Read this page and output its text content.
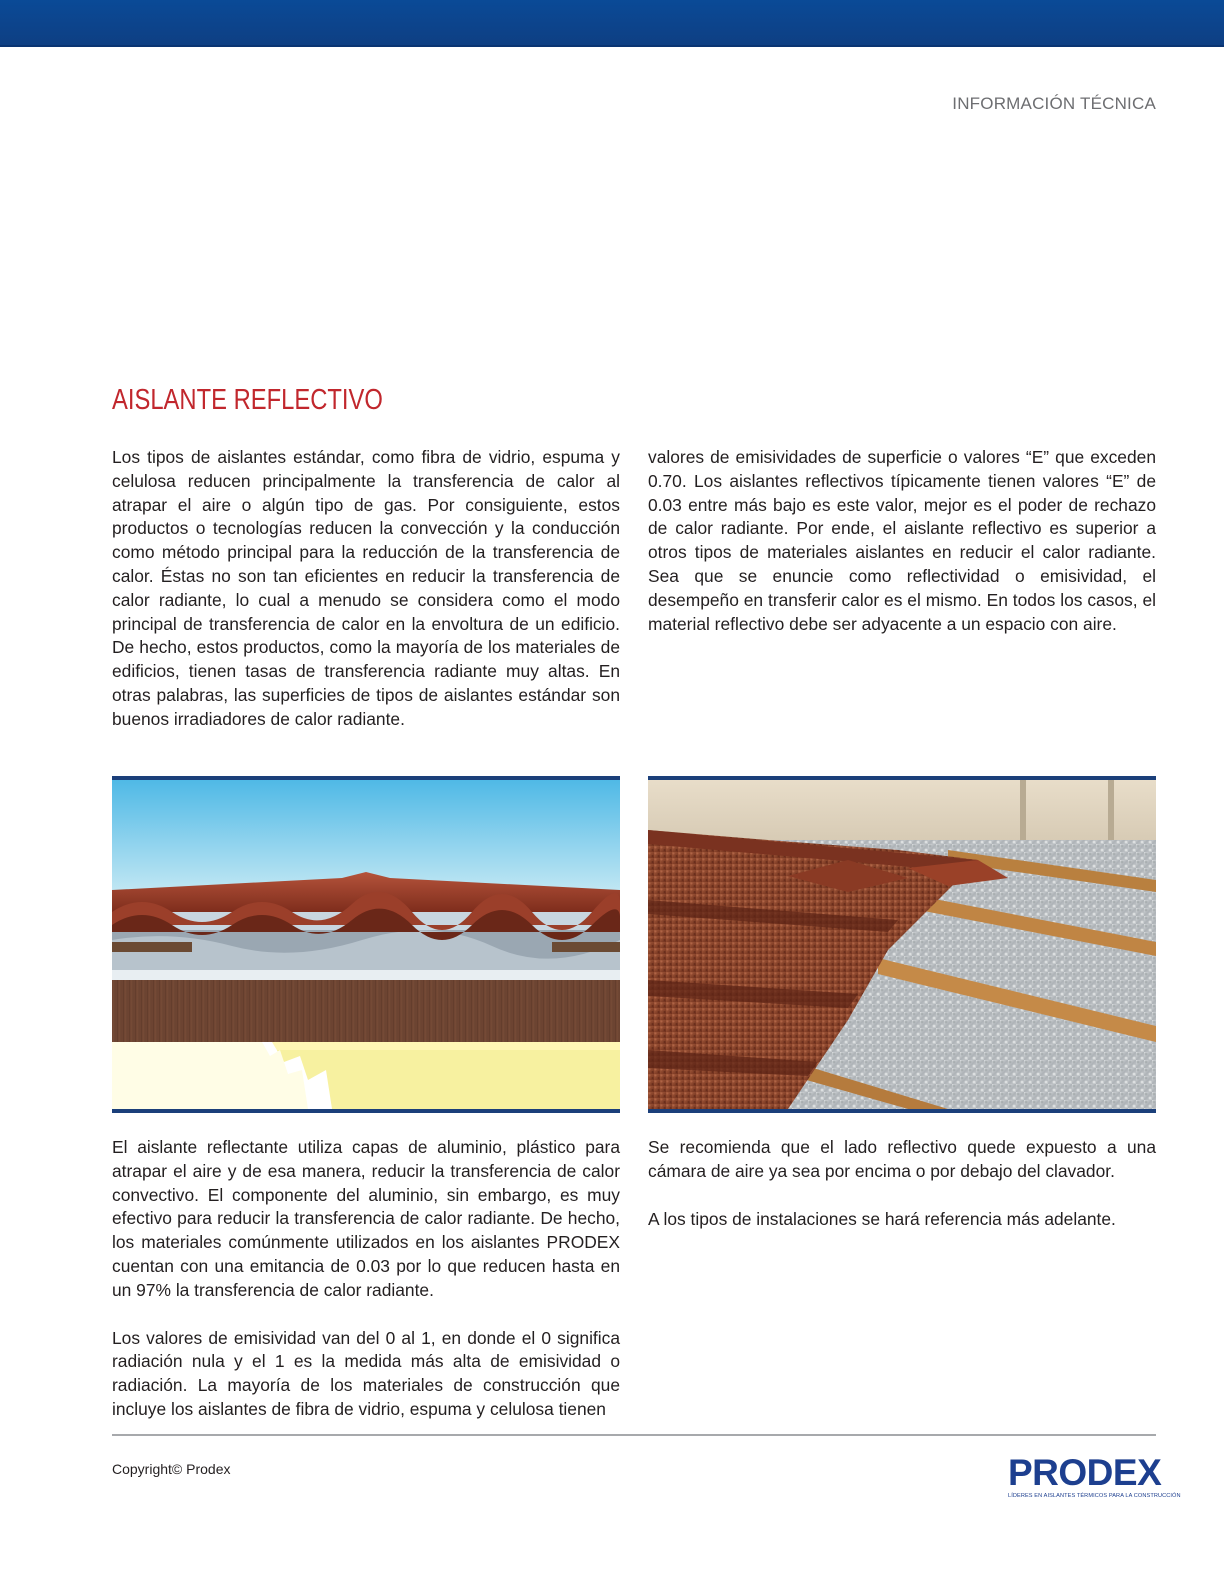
INFORMACIÓN TÉCNICA
AISLANTE REFLECTIVO

Los tipos de aislantes estándar, como fibra de vidrio, espuma y celulosa reducen principalmente la transferencia de calor al atrapar el aire o algún tipo de gas. Por consiguiente, estos productos o tecnologías reducen la convección y la conducción como método principal para la reducción de la transferencia de calor. Éstas no son tan eficientes en reducir la transferencia de calor radiante, lo cual a menudo se considera como el modo principal de transferencia de calor en la envoltura de un edificio. De hecho, estos productos, como la mayoría de los materiales de edificios, tienen tasas de transferencia radiante muy altas. En otras palabras, las superficies de tipos de aislantes estándar son buenos irradiadores de calor radiante.

valores de emisividades de superficie o valores “E” que exceden 0.70. Los aislantes reflectivos típicamente tienen valores “E” de 0.03 entre más bajo es este valor, mejor es el poder de rechazo de calor radiante. Por ende, el aislante reflectivo es superior a otros tipos de materiales aislantes en reducir el calor radiante. Sea que se enuncie como reflectividad o emisividad, el desempeño en transferir calor es el mismo. En todos los casos, el material reflectivo debe ser adyacente a un espacio con aire.

El aislante reflectante utiliza capas de aluminio, plástico para atrapar el aire y de esa manera, reducir la transferencia de calor convectivo. El componente del aluminio, sin embargo, es muy efectivo para reducir la transferencia de calor radiante. De hecho, los materiales comúnmente utilizados en los aislantes PRODEX cuentan con una emitancia de 0.03 por lo que reducen hasta en un 97% la transferencia de calor radiante.

Los valores de emisividad van del 0 al 1, en donde el 0 significa radiación nula y el 1 es la medida más alta de emisividad o radiación. La mayoría de los materiales de construcción que incluye los aislantes de fibra de vidrio, espuma y celulosa tienen

Se recomienda que el lado reflectivo quede expuesto a una cámara de aire ya sea por encima o por debajo del clavador.

A los tipos de instalaciones se hará referencia más adelante.

Copyright© Prodex	PRODEX
LÍDERES EN AISLANTES TÉRMICOS PARA LA CONSTRUCCIÓN
